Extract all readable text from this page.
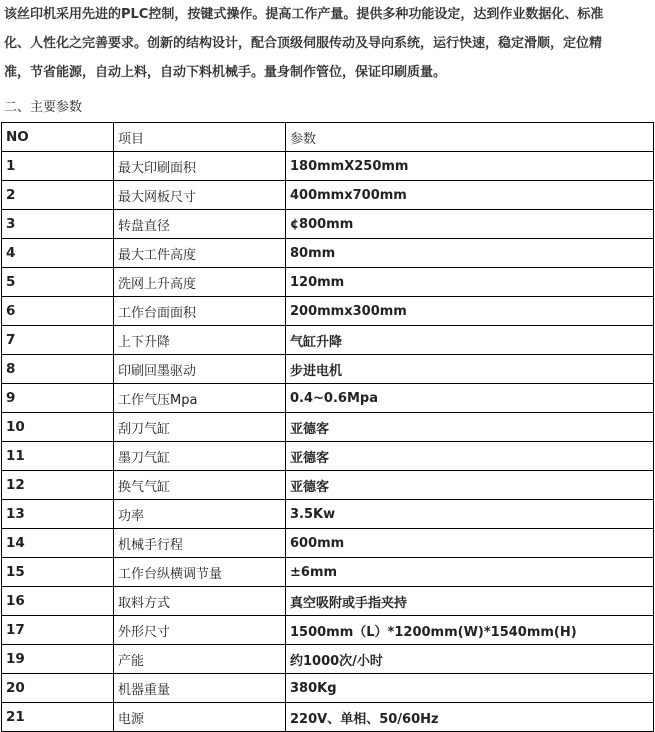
该丝印机采用先进的PLC控制，按键式操作。提高工作产量。提供多种功能设定，达到作业数据化、标准
化、人性化之完善要求。创新的结构设计，配合顶级伺服传动及导向系统，运行快速，稳定滑顺，定位精
准，节省能源，自动上料，自动下料机械手。量身制作管位，保证印刷质量。
二、主要参数
NO	项目	参数
1	最大印刷面积	180mmX250mm
2	最大网板尺寸	400mmx700mm
3	转盘直径	¢800mm
4	最大工件高度	80mm
5	洗网上升高度	120mm
6	工作台面面积	200mmx300mm
7	上下升降	气缸升降
8	印刷回墨驱动	步进电机
9	工作气压Mpa	0.4~0.6Mpa
10	刮刀气缸	亚德客
11	墨刀气缸	亚德客
12	换气气缸	亚德客
13	功率	3.5Kw
14	机械手行程	600mm
15	工作台纵横调节量	±6mm
16	取料方式	真空吸附或手指夹持
17	外形尺寸	1500mm（L）*1200mm(W)*1540mm(H)
19	产能	约1000次/小时
20	机器重量	380Kg
21	电源	220V、单相、50/60Hz
